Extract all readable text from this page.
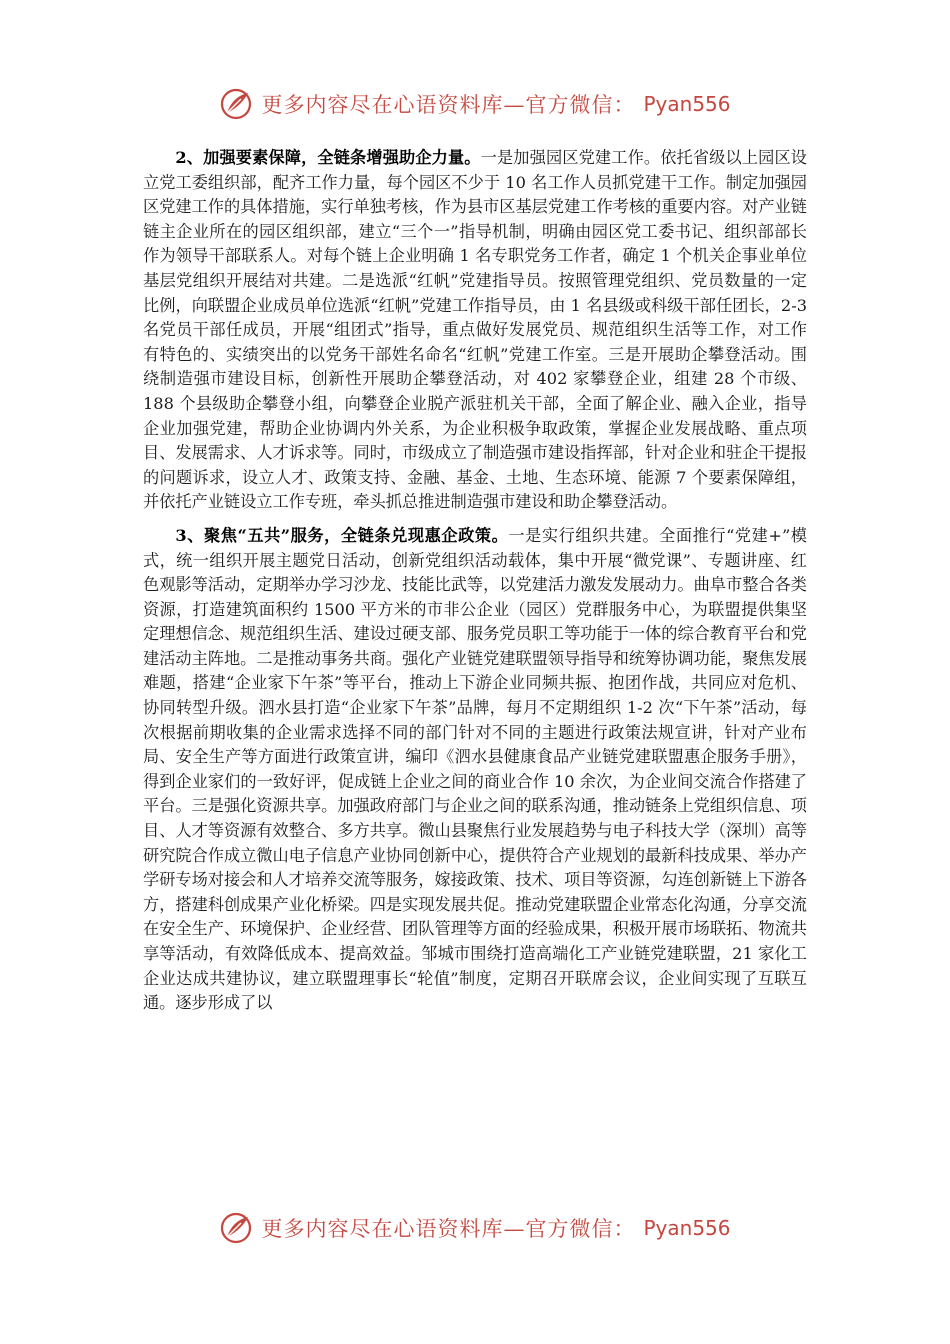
更多内容尽在心语资料库—官方微信： Pyan556

2、加强要素保障，全链条增强助企力量。一是加强园区党建工作。依托省级以上园区设立党工委组织部，配齐工作力量，每个园区不少于 10 名工作人员抓党建干工作。制定加强园区党建工作的具体措施，实行单独考核，作为县市区基层党建工作考核的重要内容。对产业链链主企业所在的园区组织部，建立“三个一”指导机制，明确由园区党工委书记、组织部部长作为领导干部联系人。对每个链上企业明确 1 名专职党务工作者，确定 1 个机关企事业单位基层党组织开展结对共建。二是选派“红帆”党建指导员。按照管理党组织、党员数量的一定比例，向联盟企业成员单位选派“红帆”党建工作指导员，由 1 名县级或科级干部任团长，2-3 名党员干部任成员，开展“组团式”指导，重点做好发展党员、规范组织生活等工作，对工作有特色的、实绩突出的以党务干部姓名命名“红帆”党建工作室。三是开展助企攀登活动。围绕制造强市建设目标，创新性开展助企攀登活动，对 402 家攀登企业，组建 28 个市级、188 个县级助企攀登小组，向攀登企业脱产派驻机关干部，全面了解企业、融入企业，指导企业加强党建，帮助企业协调内外关系，为企业积极争取政策，掌握企业发展战略、重点项目、发展需求、人才诉求等。同时，市级成立了制造强市建设指挥部，针对企业和驻企干提报的问题诉求，设立人才、政策支持、金融、基金、土地、生态环境、能源 7 个要素保障组，并依托产业链设立工作专班，牵头抓总推进制造强市建设和助企攀登活动。

3、聚焦“五共”服务，全链条兑现惠企政策。一是实行组织共建。全面推行“党建+”模式，统一组织开展主题党日活动，创新党组织活动载体，集中开展“微党课”、专题讲座、红色观影等活动，定期举办学习沙龙、技能比武等，以党建活力激发发展动力。曲阜市整合各类资源，打造建筑面积约 1500 平方米的市非公企业（园区）党群服务中心，为联盟提供集坚定理想信念、规范组织生活、建设过硬支部、服务党员职工等功能于一体的综合教育平台和党建活动主阵地。二是推动事务共商。强化产业链党建联盟领导指导和统筹协调功能，聚焦发展难题，搭建“企业家下午茶”等平台，推动上下游企业同频共振、抱团作战，共同应对危机、协同转型升级。泗水县打造“企业家下午茶”品牌，每月不定期组织 1-2 次“下午茶”活动，每次根据前期收集的企业需求选择不同的部门针对不同的主题进行政策法规宣讲，针对产业布局、安全生产等方面进行政策宣讲，编印《泗水县健康食品产业链党建联盟惠企服务手册》，得到企业家们的一致好评，促成链上企业之间的商业合作 10 余次，为企业间交流合作搭建了平台。三是强化资源共享。加强政府部门与企业之间的联系沟通，推动链条上党组织信息、项目、人才等资源有效整合、多方共享。微山县聚焦行业发展趋势与电子科技大学（深圳）高等研究院合作成立微山电子信息产业协同创新中心，提供符合产业规划的最新科技成果、举办产学研专场对接会和人才培养交流等服务，嫁接政策、技术、项目等资源，勾连创新链上下游各方，搭建科创成果产业化桥梁。四是实现发展共促。推动党建联盟企业常态化沟通，分享交流在安全生产、环境保护、企业经营、团队管理等方面的经验成果，积极开展市场联拓、物流共享等活动，有效降低成本、提高效益。邹城市围绕打造高端化工产业链党建联盟，21 家化工企业达成共建协议，建立联盟理事长“轮值”制度，定期召开联席会议，企业间实现了互联互通。逐步形成了以

更多内容尽在心语资料库—官方微信： Pyan556
